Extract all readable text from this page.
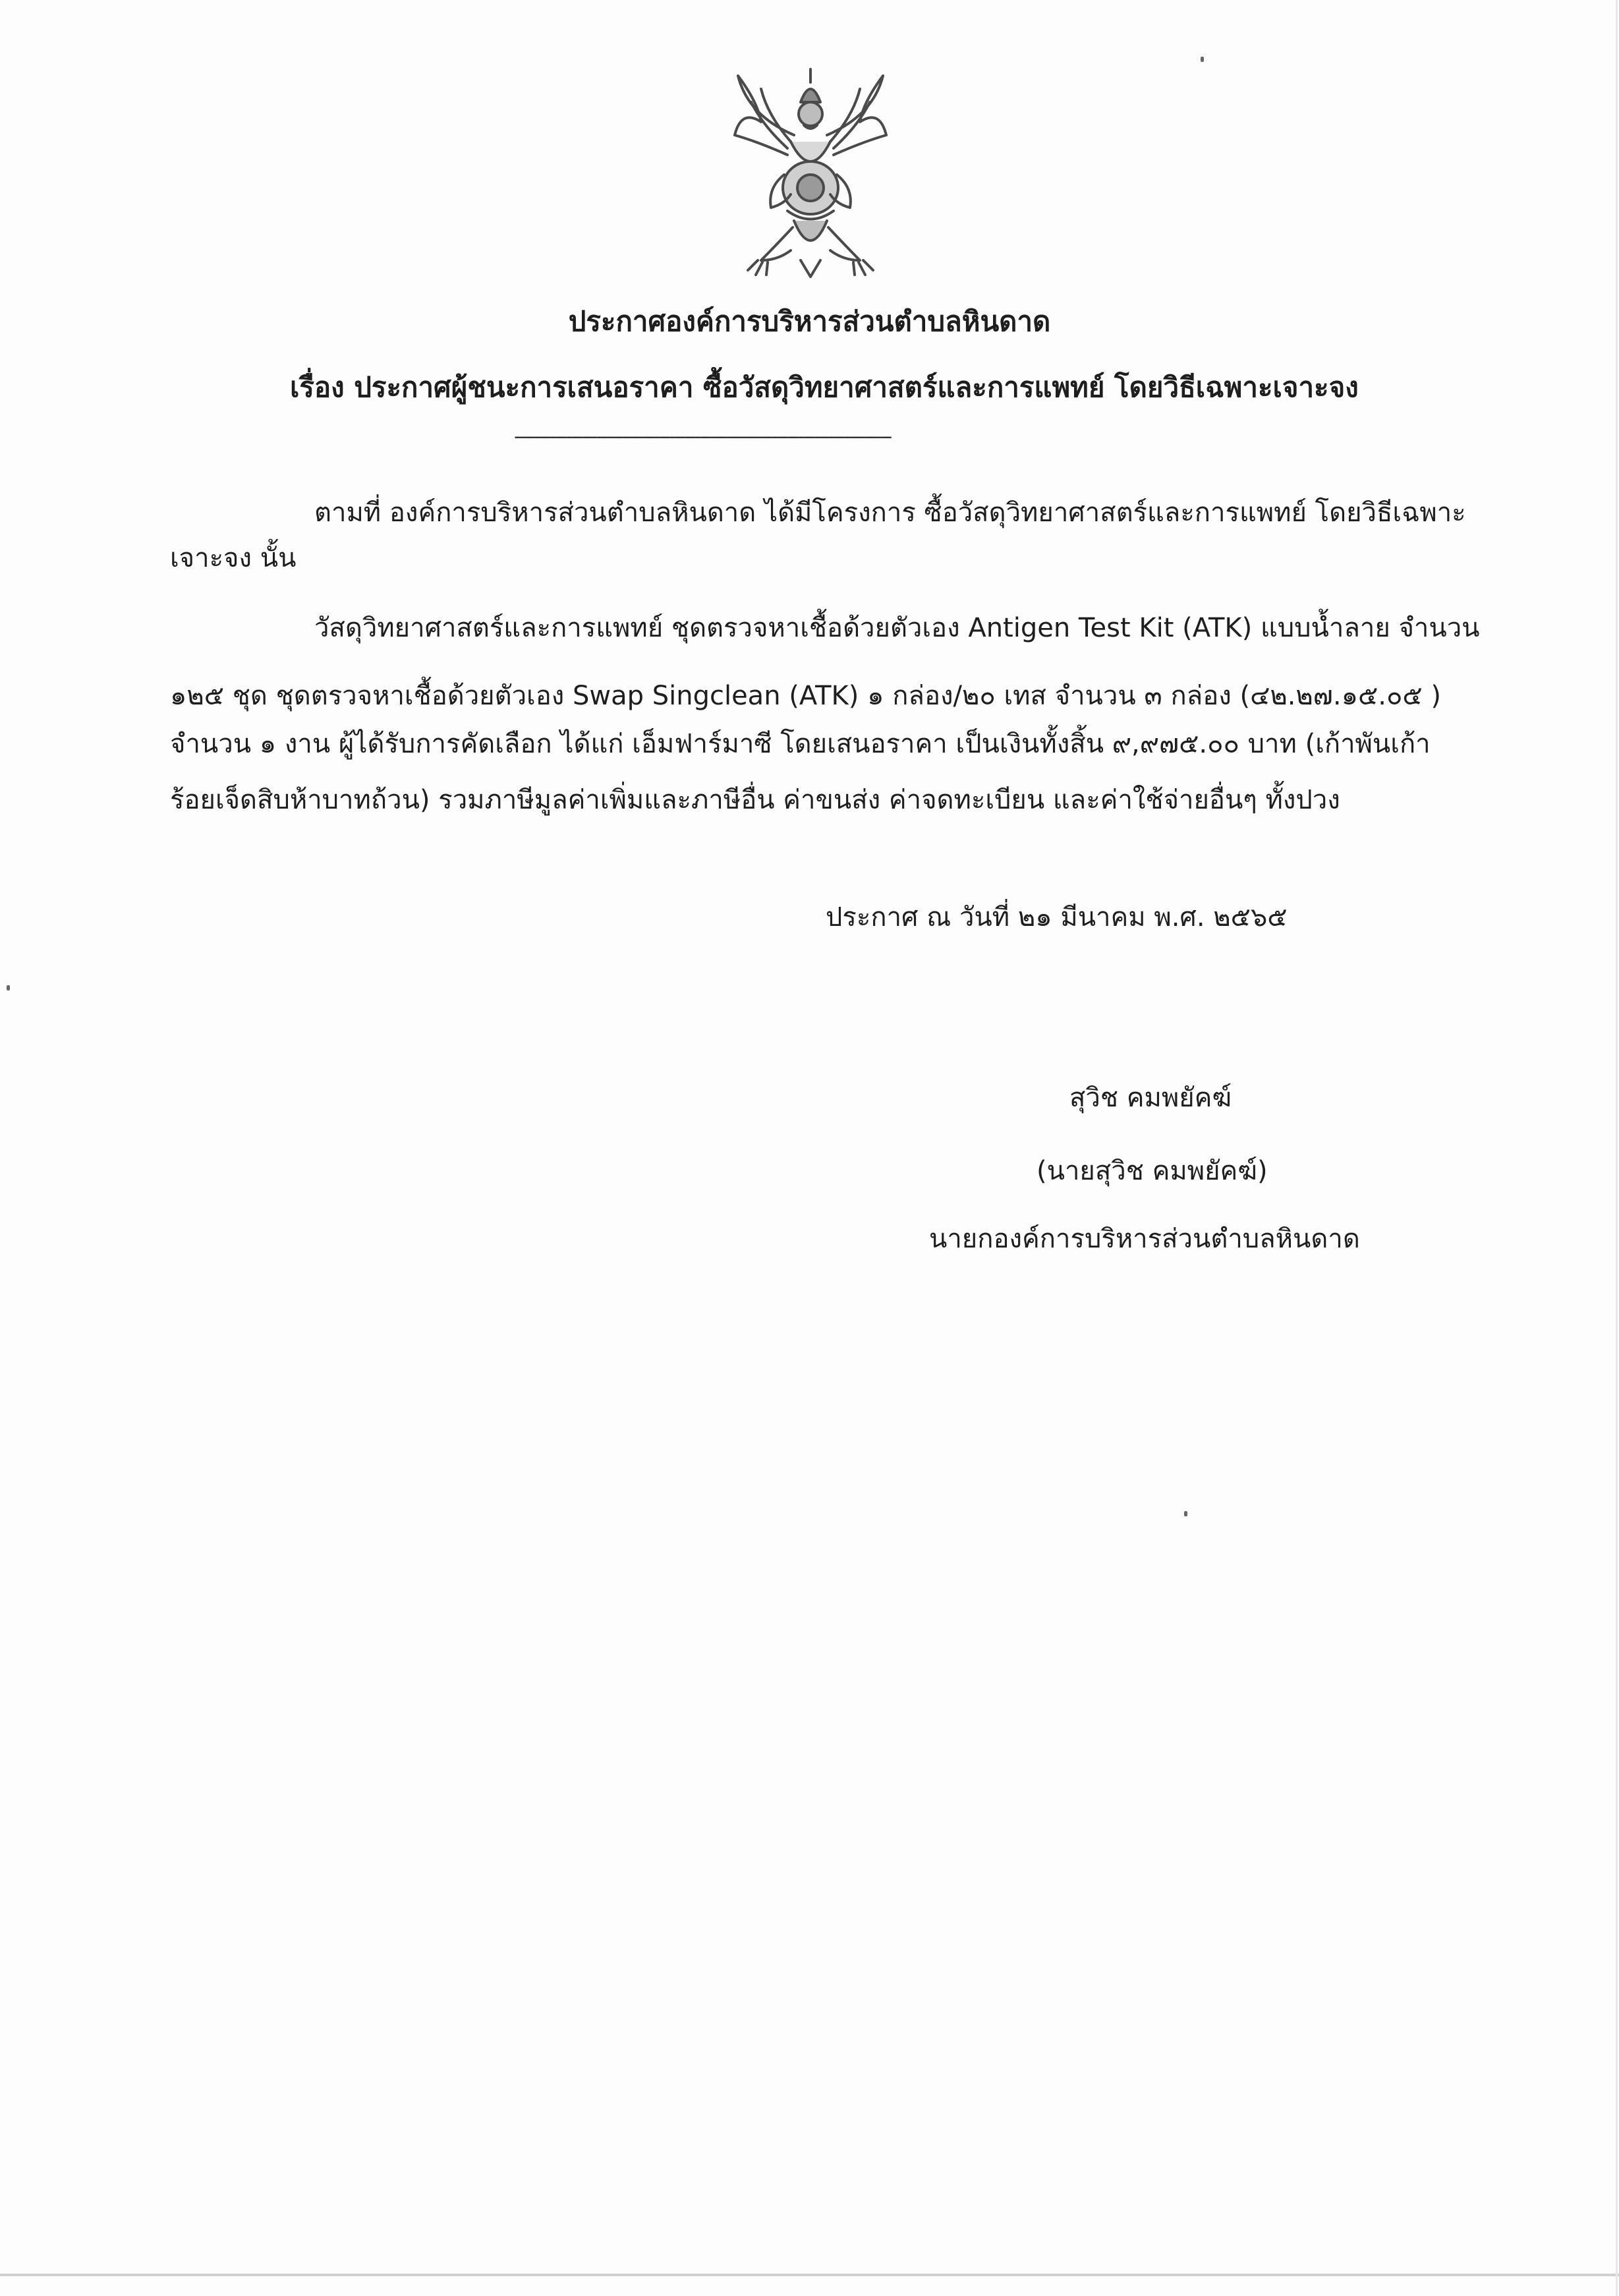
ประกาศองค์การบริหารส่วนตำบลหินดาด
เรื่อง ประกาศผู้ชนะการเสนอราคา ซื้อวัสดุวิทยาศาสตร์และการแพทย์ โดยวิธีเฉพาะเจาะจง
-------------------------------------------------------------------------
ตามที่ องค์การบริหารส่วนตำบลหินดาด ได้มีโครงการ ซื้อวัสดุวิทยาศาสตร์และการแพทย์ โดยวิธีเฉพาะ
เจาะจง นั้น
วัสดุวิทยาศาสตร์และการแพทย์ ชุดตรวจหาเชื้อด้วยตัวเอง Antigen Test Kit (ATK) แบบน้ำลาย จำนวน
๑๒๕ ชุด ชุดตรวจหาเชื้อด้วยตัวเอง Swap Singclean (ATK) ๑ กล่อง/๒๐ เทส จำนวน ๓ กล่อง (๔๒.๒๗.๑๕.๐๕ )
จำนวน ๑ งาน ผู้ได้รับการคัดเลือก ได้แก่ เอ็มฟาร์มาซี โดยเสนอราคา เป็นเงินทั้งสิ้น ๙,๙๗๕.๐๐ บาท (เก้าพันเก้า
ร้อยเจ็ดสิบห้าบาทถ้วน) รวมภาษีมูลค่าเพิ่มและภาษีอื่น ค่าขนส่ง ค่าจดทะเบียน และค่าใช้จ่ายอื่นๆ ทั้งปวง
ประกาศ ณ วันที่ ๒๑ มีนาคม พ.ศ. ๒๕๖๕
สุวิช คมพยัคฆ์
(นายสุวิช คมพยัคฆ์)
นายกองค์การบริหารส่วนตำบลหินดาด
